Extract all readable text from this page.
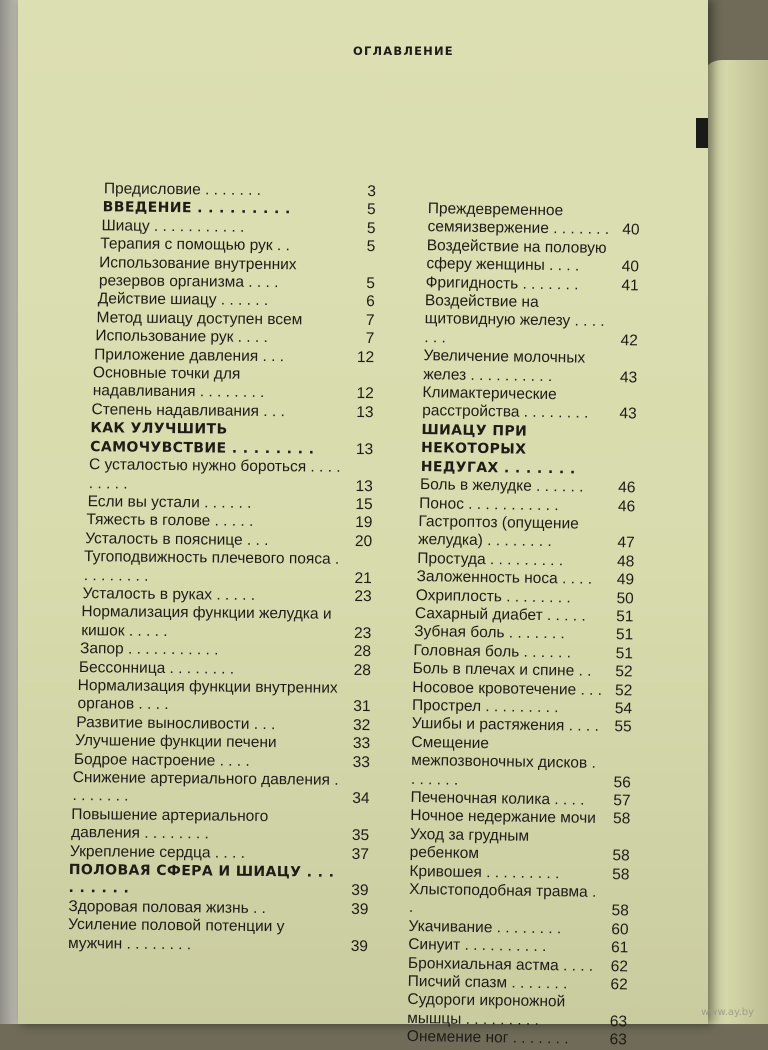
ОГЛАВЛЕНИЕ
Предисловие . . . . . . .	3
ВВЕДЕНИЕ . . . . . . . . .	5
Шиацу . . . . . . . . . . .	5
Терапия с помощью рук . .	5
Использование внутренних резервов организма . . . .	5
Действие шиацу . . . . . .	6
Метод шиацу доступен всем	7
Использование рук . . . .	7
Приложение давления . . .	12
Основные точки для надавливания . . . . . . . .	12
Степень надавливания . . .	13
КАК УЛУЧШИТЬ САМОЧУВСТВИЕ . . . . . . . .	13
С усталостью нужно бороться . . . . . . . . .	13
Если вы устали . . . . . .	15
Тяжесть в голове . . . . .	19
Усталость в пояснице . . .	20
Тугоподвижность плечевого пояса . . . . . . . . .	21
Усталость в руках . . . . .	23
Нормализация функции желудка и кишок . . . . .	23
Запор . . . . . . . . . . .	28
Бессонница . . . . . . . .	28
Нормализация функции внутренних органов . . . .	31
Развитие выносливости . . .	32
Улучшение функции печени	33
Бодрое настроение . . . .	33
Снижение артериального давления . . . . . . . .	34
Повышение артериального давления . . . . . . . .	35
Укрепление сердца . . . .	37
ПОЛОВАЯ СФЕРА И ШИАЦУ . . . . . . . . .	39
Здоровая половая жизнь . .	39
Усиление половой потенции у мужчин . . . . . . . .	39
Преждевременное семяизвержение . . . . . . . 40
Воздействие на половую сферу женщины . . . .	40
Фригидность . . . . . . .	41
Воздействие на щитовидную железу . . . . . . .	42
Увеличение молочных желез . . . . . . . . . .	43
Климактерические расстройства . . . . . . . .	43
ШИАЦУ ПРИ НЕКОТОРЫХ НЕДУГАХ . . . . . . .
Боль в желудке . . . . . .	46
Понос . . . . . . . . . . .	46
Гастроптоз (опущение желудка) . . . . . . . .	47
Простуда . . . . . . . . .	48
Заложенность носа . . . .	49
Охриплость . . . . . . . .	50
Сахарный диабет . . . . .	51
Зубная боль . . . . . . .	51
Головная боль . . . . . .	51
Боль в плечах и спине . .	52
Носовое кровотечение . . . 52
Прострел . . . . . . . . .	54
Ушибы и растяжения . . . . 55
Смещение межпозвоночных дисков . . . . . . .	56
Печеночная колика . . . .	57
Ночное недержание мочи	58
Уход за грудным ребенком	58
Кривошея . . . . . . . . .	58
Хлыстоподобная травма . .	58
Укачивание . . . . . . . .	60
Синуит . . . . . . . . . .	61
Бронхиальная астма . . . .	62
Писчий спазм . . . . . . .	62
Судороги икроножной мышцы . . . . . . . . .	63
Онемение ног . . . . . . .	63
www.ay.by
